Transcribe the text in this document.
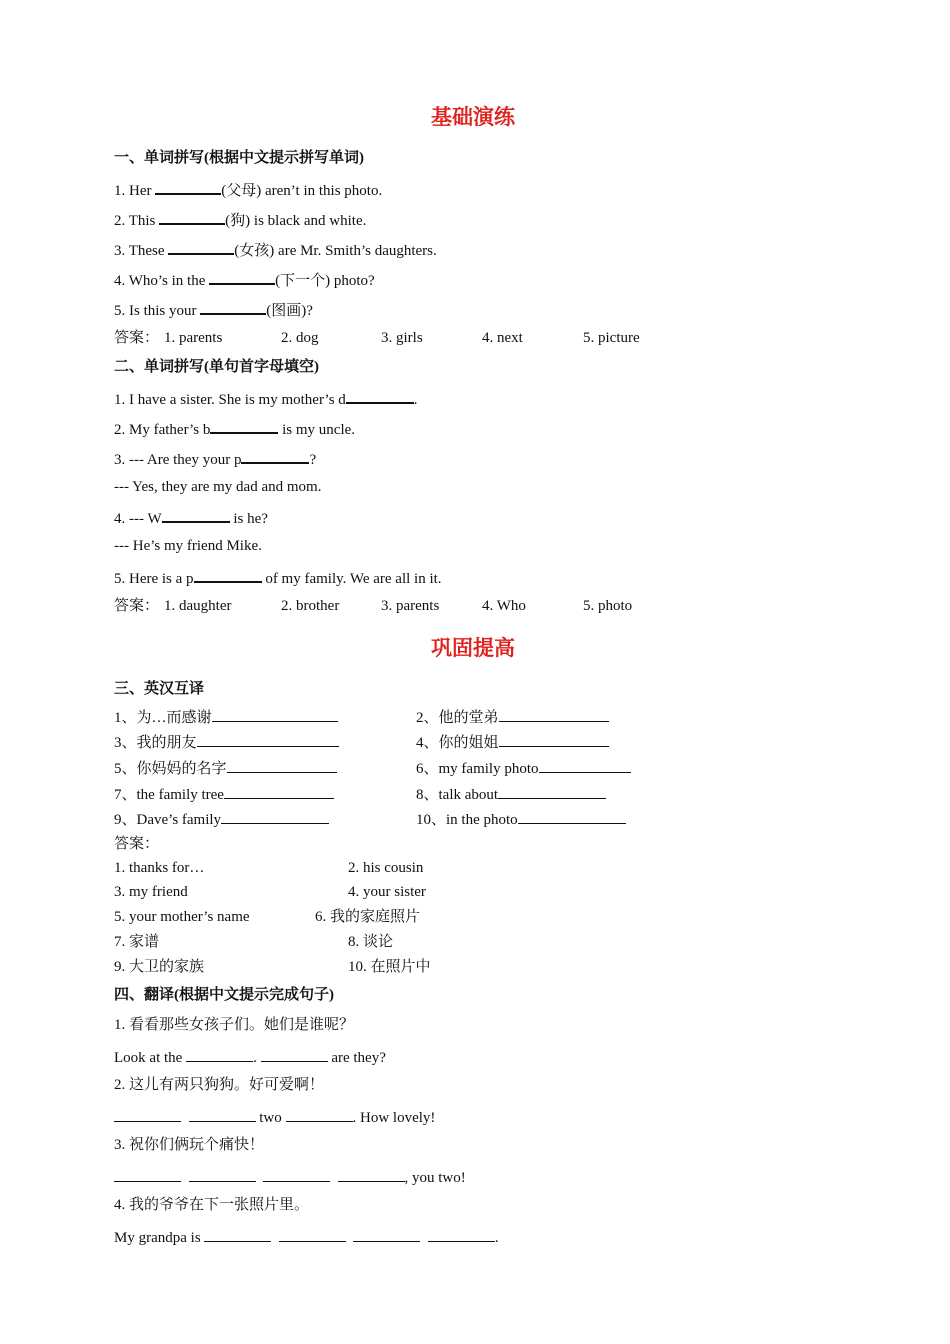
基础演练
一、单词拼写(根据中文提示拼写单词)
1. Her	(父母) aren’t in this photo.
2. This	(狗) is black and white.
3. These	(女孩) are Mr. Smith’s daughters.
4. Who’s in the	(下一个) photo?
5. Is this your	(图画)?
答案： 1. parents	2. dog	3. girls	4. next	5. picture
二、单词拼写(单句首字母填空)
1. I have a sister. She is my mother’s d	.
2. My father’s b	is my uncle.
3. --- Are they your p	?
--- Yes, they are my dad and mom.
4. --- W	is he?
--- He’s my friend Mike.
5. Here is a p	of my family. We are all in it.
答案： 1. daughter	2. brother	3. parents	4. Who	5. photo
巩固提高
三、英汉互译
1、为…而感谢	2、他的堂弟
3、我的朋友	4、你的姐姐
5、你妈妈的名字	6、my family photo
7、the family tree	8、talk about
9、Dave’s family	10、in the photo
答案：
1. thanks for…	2. his cousin
3. my friend	4. your sister
5. your mother’s name	6. 我的家庭照片
7. 家谱	8. 谈论
9. 大卫的家族	10. 在照片中
四、翻译(根据中文提示完成句子)
1. 看看那些女孩子们。她们是谁呢？
Look at the	.	are they?
2. 这儿有两只狗狗。好可爱啊！
two	. How lovely!
3. 祝你们俩玩个痛快！
, you two!
4. 我的爷爷在下一张照片里。
My grandpa is	.
